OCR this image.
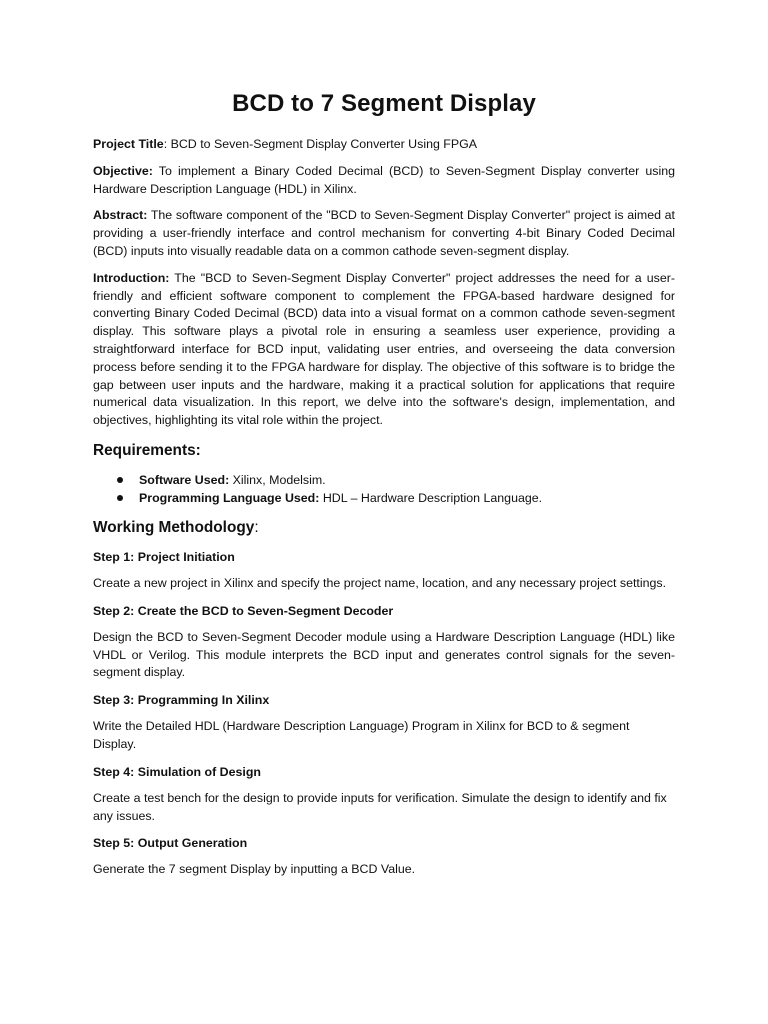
BCD to 7 Segment Display

Project Title: BCD to Seven-Segment Display Converter Using FPGA

Objective: To implement a Binary Coded Decimal (BCD) to Seven-Segment Display converter using Hardware Description Language (HDL) in Xilinx.

Abstract: The software component of the "BCD to Seven-Segment Display Converter" project is aimed at providing a user-friendly interface and control mechanism for converting 4-bit Binary Coded Decimal (BCD) inputs into visually readable data on a common cathode seven-segment display.

Introduction: The "BCD to Seven-Segment Display Converter" project addresses the need for a user-friendly and efficient software component to complement the FPGA-based hardware designed for converting Binary Coded Decimal (BCD) data into a visual format on a common cathode seven-segment display. This software plays a pivotal role in ensuring a seamless user experience, providing a straightforward interface for BCD input, validating user entries, and overseeing the data conversion process before sending it to the FPGA hardware for display. The objective of this software is to bridge the gap between user inputs and the hardware, making it a practical solution for applications that require numerical data visualization. In this report, we delve into the software's design, implementation, and objectives, highlighting its vital role within the project.

Requirements:
Software Used: Xilinx, Modelsim.
Programming Language Used: HDL – Hardware Description Language.
Working Methodology:
Step 1: Project Initiation

Create a new project in Xilinx and specify the project name, location, and any necessary project settings.

Step 2: Create the BCD to Seven-Segment Decoder

Design the BCD to Seven-Segment Decoder module using a Hardware Description Language (HDL) like VHDL or Verilog. This module interprets the BCD input and generates control signals for the seven-segment display.

Step 3: Programming In Xilinx

Write the Detailed HDL (Hardware Description Language) Program in Xilinx for BCD to & segment Display.

Step 4: Simulation of Design

Create a test bench for the design to provide inputs for verification. Simulate the design to identify and fix any issues.

Step 5: Output Generation

Generate the 7 segment Display by inputting a BCD Value.
